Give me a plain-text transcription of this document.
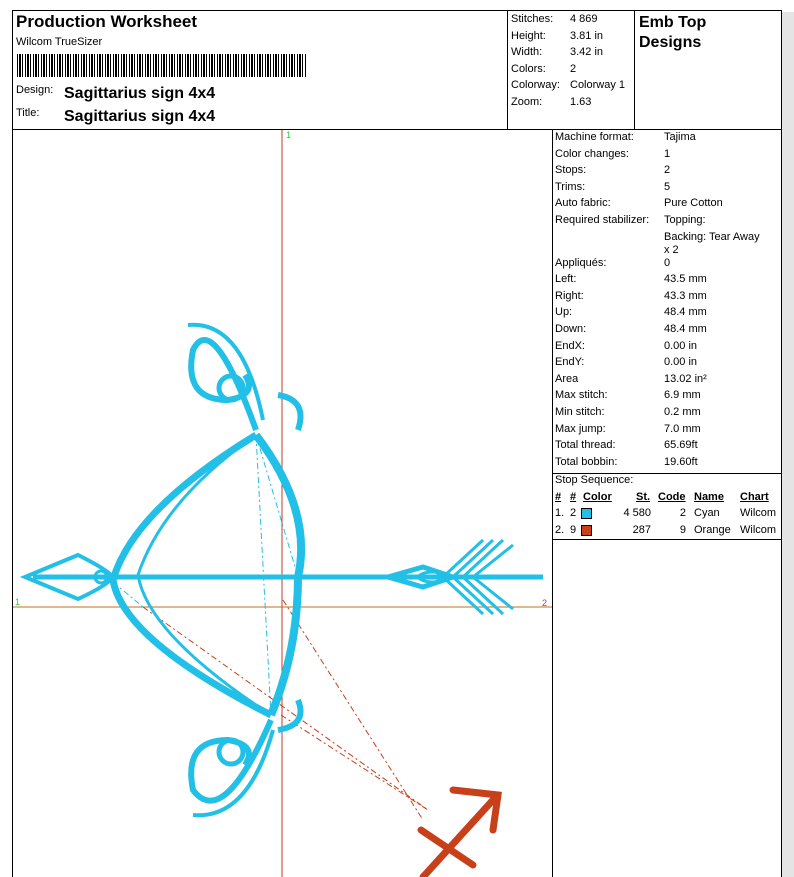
Production Worksheet
Wilcom TrueSizer
Design: Sagittarius sign 4x4
Title: Sagittarius sign 4x4
Stitches: 4 869
Height: 3.81 in
Width:	3.42 in
Colors: 2
Colorway: Colorway 1
Zoom:	1.63
Emb Top
Designs
Machine format:	Tajima
Color changes:	1
Stops:	2
Trims:	5
Auto fabric:	Pure Cotton
Required stabilizer: Topping:
Backing: Tear Away
x 2
Appliqués:	0
Left:	43.5 mm
Right:	43.3 mm
Up:	48.4 mm
Down:	48.4 mm
EndX:	0.00 in
EndY:	0.00 in
Area	13.02 in²
Max stitch:	6.9 mm
Min stitch:	0.2 mm
Max jump:	7.0 mm
Total thread:	65.69ft
Total bobbin:	19.60ft
Stop Sequence:
# # Color St. Code Name Chart
1. 2	4 580	2 Cyan Wilcom
2. 9	287	9 Orange Wilcom
1
1	2
